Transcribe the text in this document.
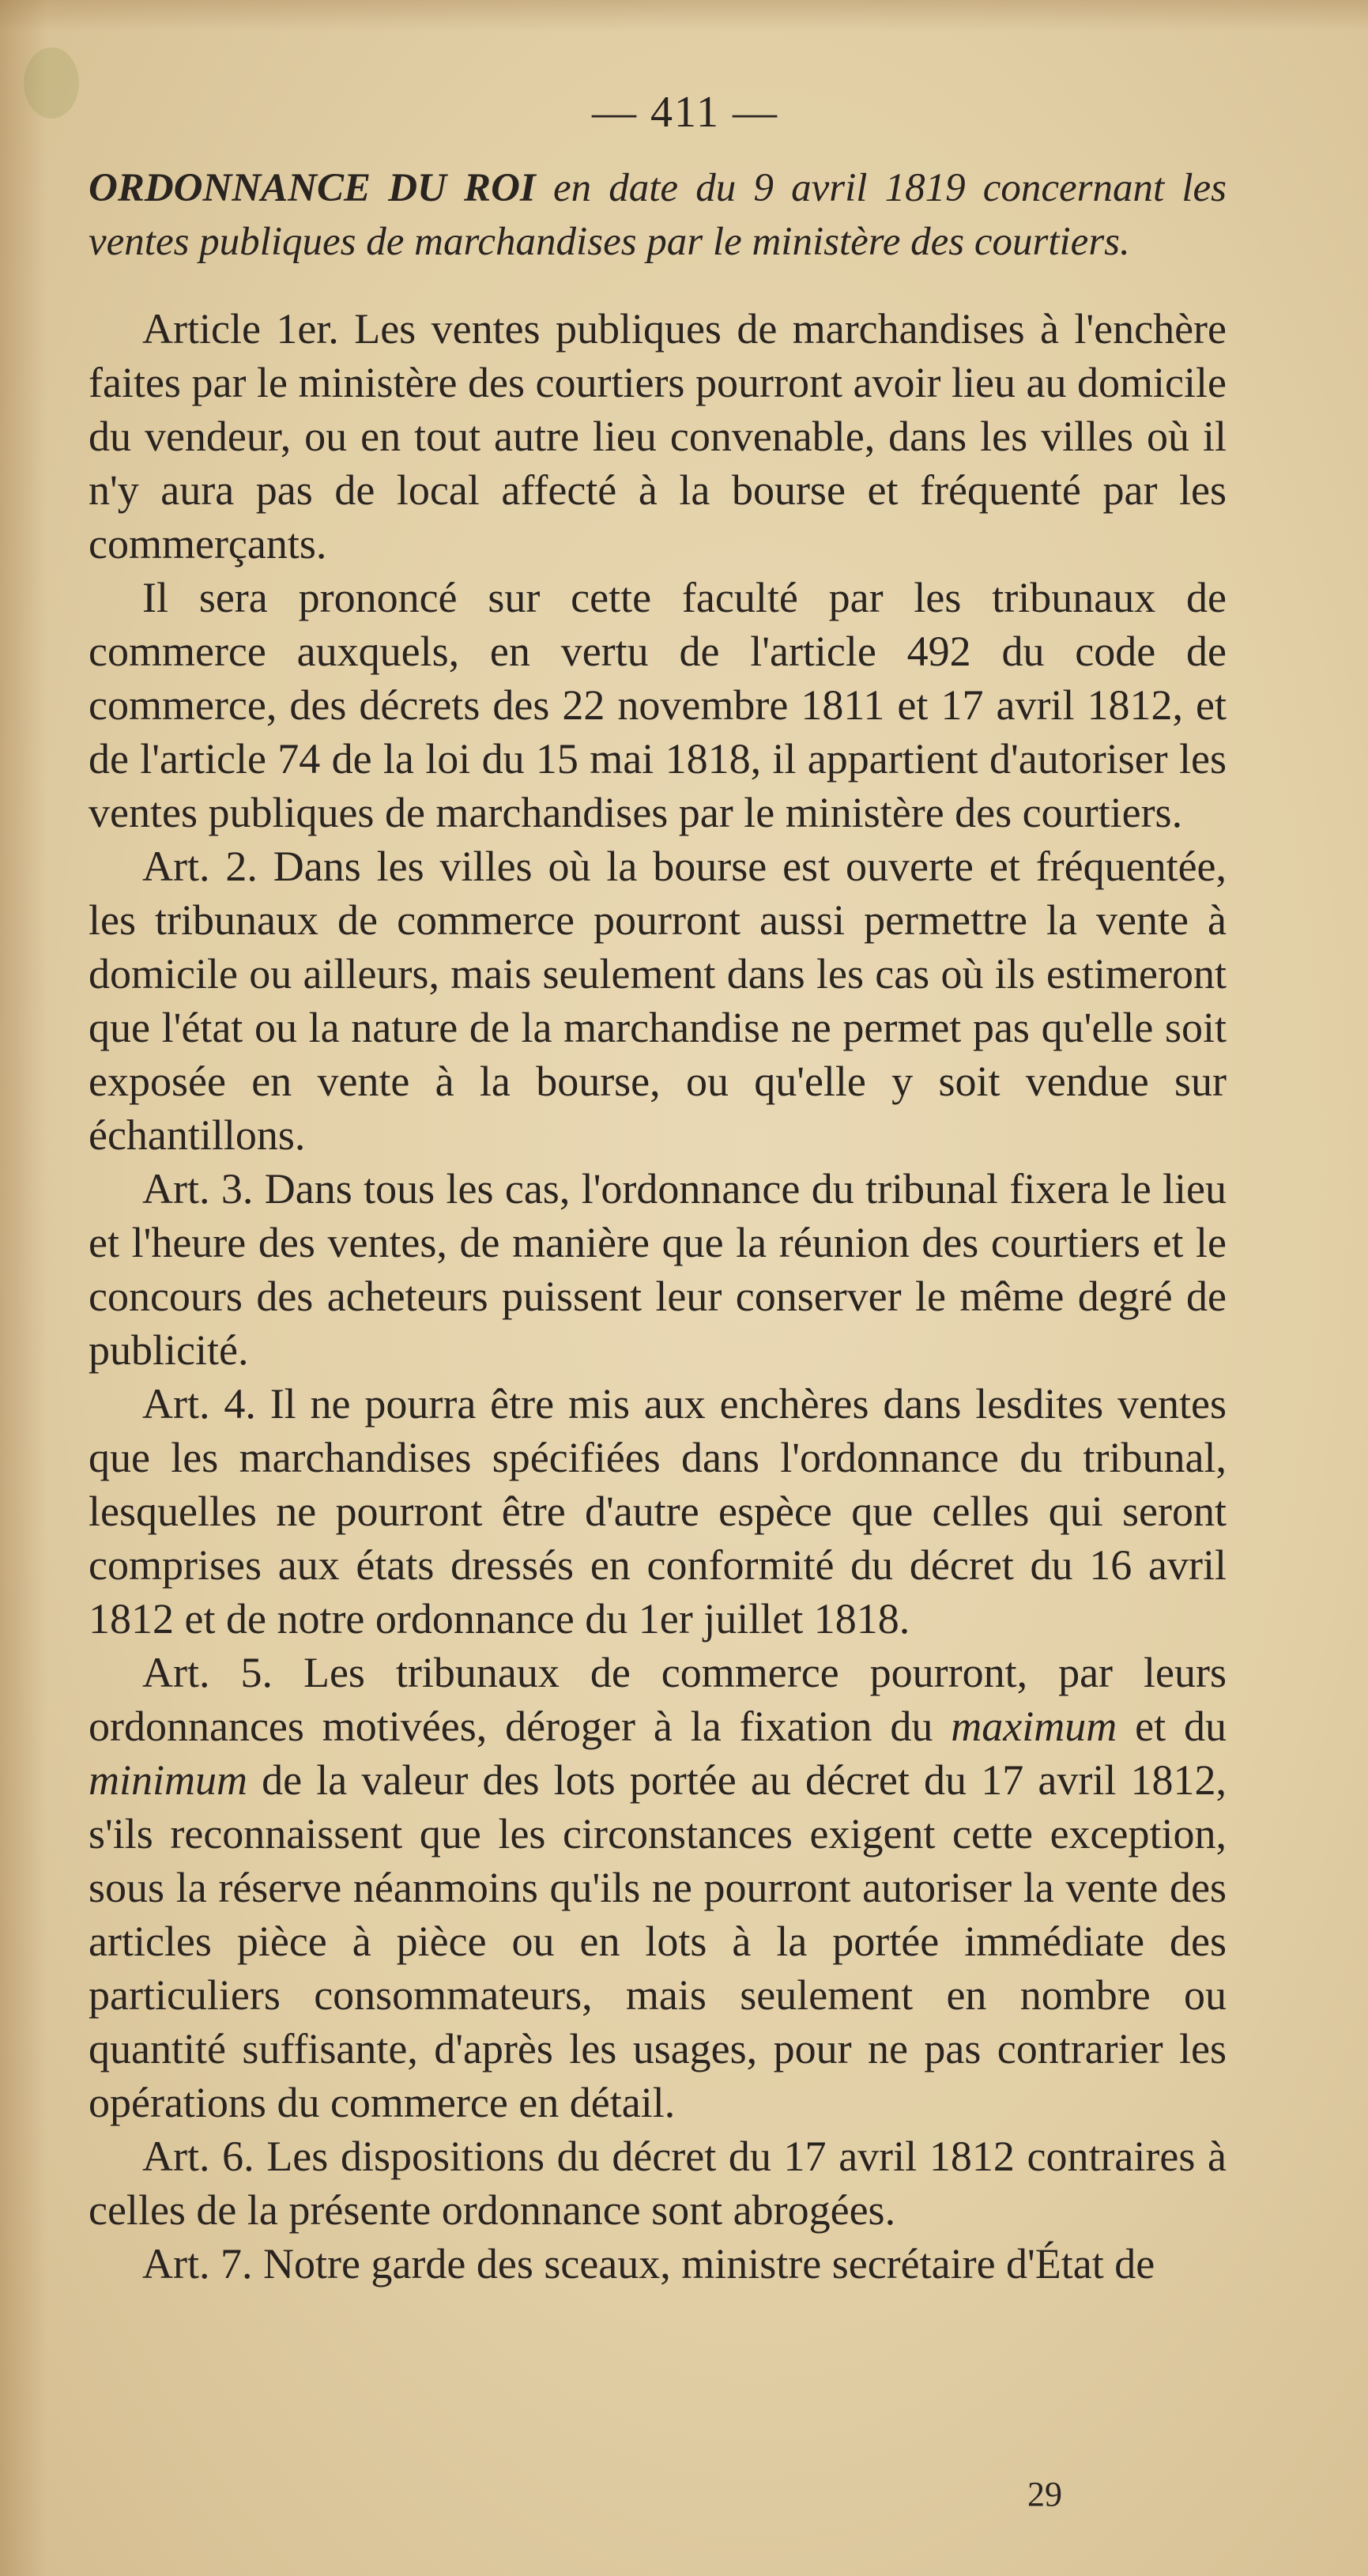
— 411 —

ORDONNANCE DU ROI en date du 9 avril 1819 concernant les ventes publiques de marchandises par le ministère des courtiers.

Article 1er. Les ventes publiques de marchandises à l'enchère faites par le ministère des courtiers pourront avoir lieu au domicile du vendeur, ou en tout autre lieu convenable, dans les villes où il n'y aura pas de local affecté à la bourse et fréquenté par les commerçants.

Il sera prononcé sur cette faculté par les tribunaux de commerce auxquels, en vertu de l'article 492 du code de commerce, des décrets des 22 novembre 1811 et 17 avril 1812, et de l'article 74 de la loi du 15 mai 1818, il appartient d'autoriser les ventes publiques de marchandises par le ministère des courtiers.

Art. 2. Dans les villes où la bourse est ouverte et fréquentée, les tribunaux de commerce pourront aussi permettre la vente à domicile ou ailleurs, mais seulement dans les cas où ils estimeront que l'état ou la nature de la marchandise ne permet pas qu'elle soit exposée en vente à la bourse, ou qu'elle y soit vendue sur échantillons.

Art. 3. Dans tous les cas, l'ordonnance du tribunal fixera le lieu et l'heure des ventes, de manière que la réunion des courtiers et le concours des acheteurs puissent leur conserver le même degré de publicité.

Art. 4. Il ne pourra être mis aux enchères dans lesdites ventes que les marchandises spécifiées dans l'ordonnance du tribunal, lesquelles ne pourront être d'autre espèce que celles qui seront comprises aux états dressés en conformité du décret du 16 avril 1812 et de notre ordonnance du 1er juillet 1818.

Art. 5. Les tribunaux de commerce pourront, par leurs ordonnances motivées, déroger à la fixation du maximum et du minimum de la valeur des lots portée au décret du 17 avril 1812, s'ils reconnaissent que les circonstances exigent cette exception, sous la réserve néanmoins qu'ils ne pourront autoriser la vente des articles pièce à pièce ou en lots à la portée immédiate des particuliers consommateurs, mais seulement en nombre ou quantité suffisante, d'après les usages, pour ne pas contrarier les opérations du commerce en détail.

Art. 6. Les dispositions du décret du 17 avril 1812 contraires à celles de la présente ordonnance sont abrogées.

Art. 7. Notre garde des sceaux, ministre secrétaire d'État de

29
